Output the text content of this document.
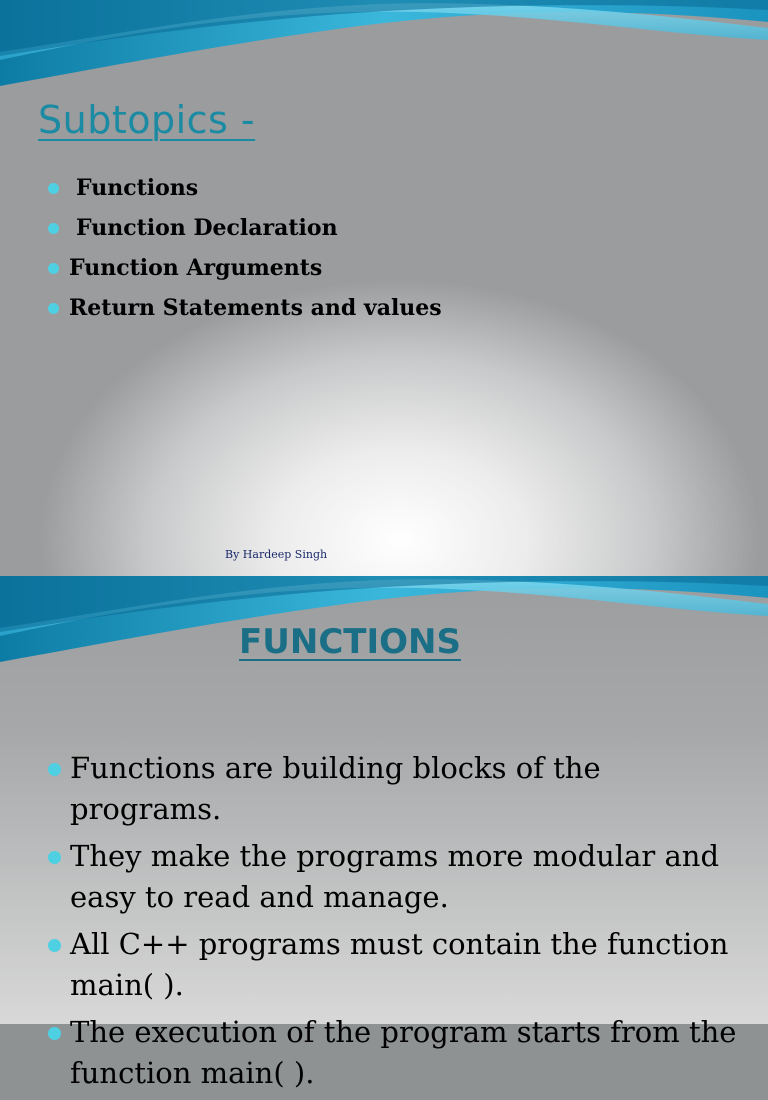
Subtopics -
Functions
Function Declaration
Function Arguments
Return Statements and values
By Hardeep Singh
FUNCTIONS
Functions are building blocks of the programs.
They make the programs more modular and easy to read and manage.
All C++ programs must contain the function main( ).
The execution of the program starts from the function main( ).
